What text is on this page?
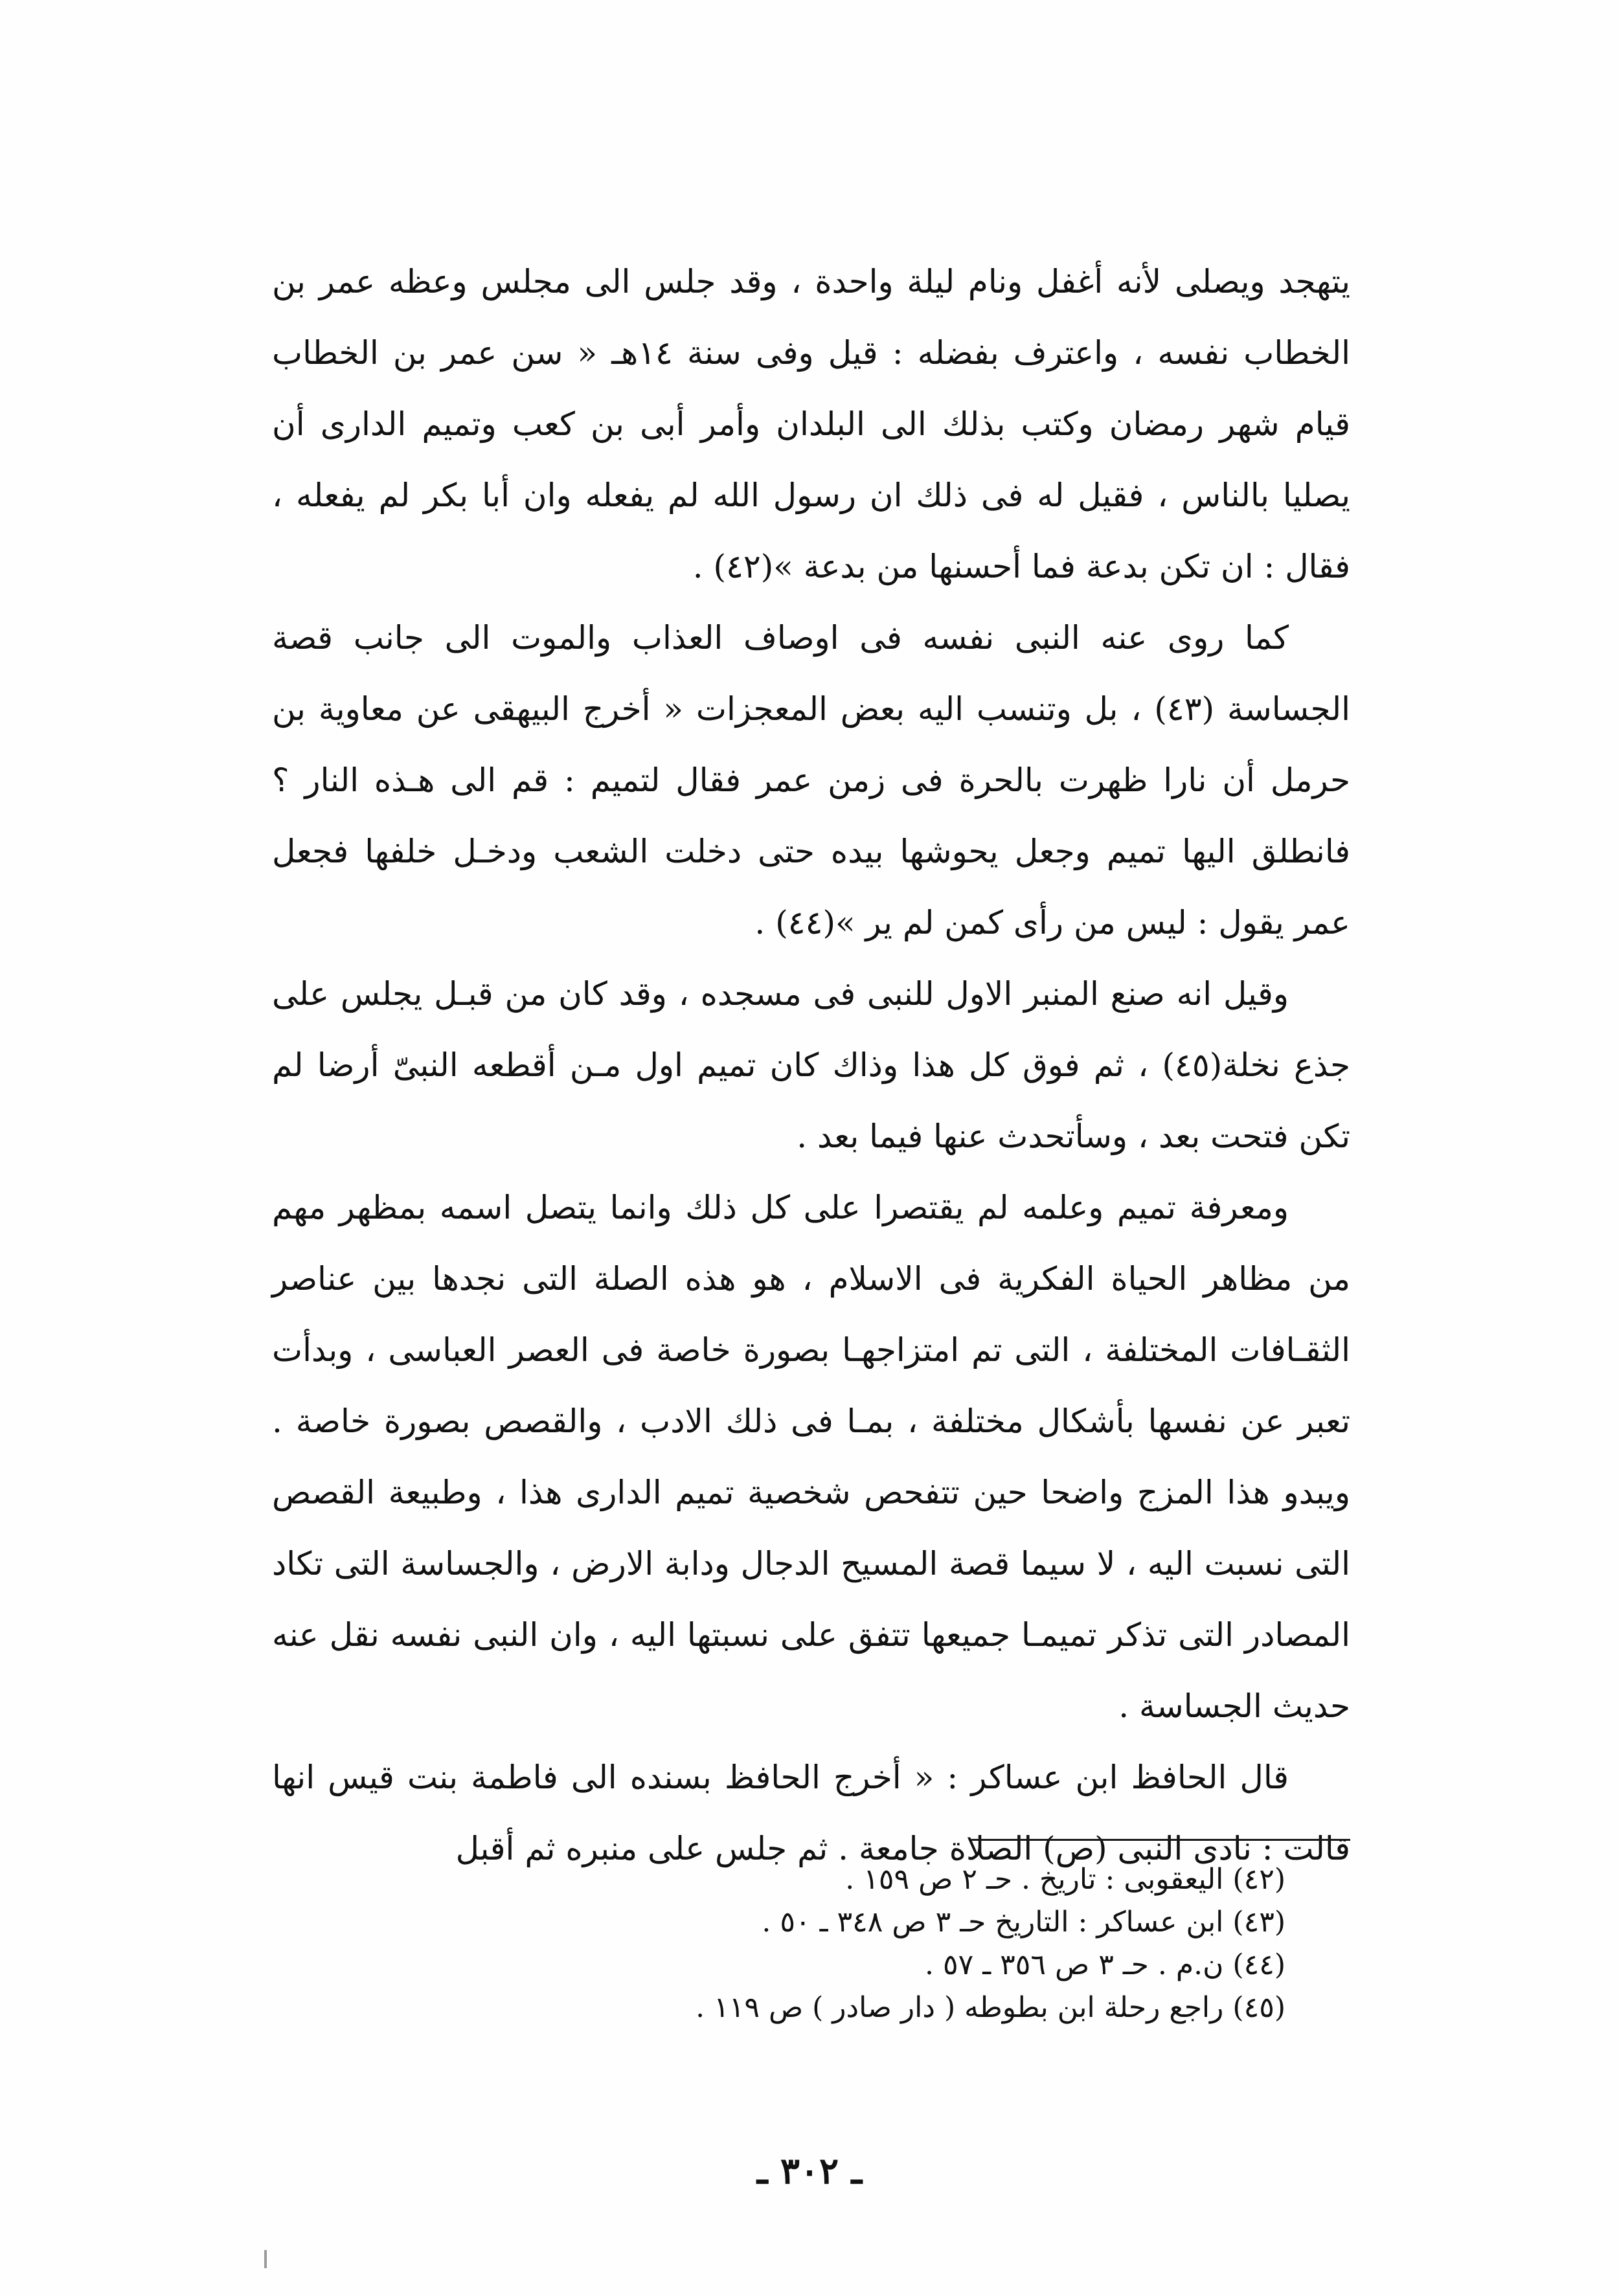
يتهجد ويصلى لأنه أغفل ونام ليلة واحدة ، وقد جلس الى مجلس وعظه عمر بن الخطاب نفسه ، واعترف بفضله : قيل وفى سنة ١٤هـ « سن عمر بن الخطاب قيام شهر رمضان وكتب بذلك الى البلدان وأمر أبى بن كعب وتميم الدارى أن يصليا بالناس ، فقيل له فى ذلك ان رسول الله لم يفعله وان أبا بكر لم يفعله ، فقال : ان تكن بدعة فما أحسنها من بدعة »(٤٢) .

كما روى عنه النبى نفسه فى اوصاف العذاب والموت الى جانب قصة الجساسة (٤٣) ، بل وتنسب اليه بعض المعجزات « أخرج البيهقى عن معاوية بن حرمل أن نارا ظهرت بالحرة فى زمن عمر فقال لتميم : قم الى هـذه النار ؟ فانطلق اليها تميم وجعل يحوشها بيده حتى دخلت الشعب ودخـل خلفها فجعل عمر يقول : ليس من رأى كمن لم ير »(٤٤) .

وقيل انه صنع المنبر الاول للنبى فى مسجده ، وقد كان من قبـل يجلس على جذع نخلة(٤٥) ، ثم فوق كل هذا وذاك كان تميم اول مـن أقطعه النبىّ أرضا لم تكن فتحت بعد ، وسأتحدث عنها فيما بعد .

ومعرفة تميم وعلمه لم يقتصرا على كل ذلك وانما يتصل اسمه بمظهر مهم من مظاهر الحياة الفكرية فى الاسلام ، هو هذه الصلة التى نجدها بين عناصر الثقـافات المختلفة ، التى تم امتزاجهـا بصورة خاصة فى العصر العباسى ، وبدأت تعبر عن نفسها بأشكال مختلفة ، بمـا فى ذلك الادب ، والقصص بصورة خاصة . ويبدو هذا المزج واضحا حين تتفحص شخصية تميم الدارى هذا ، وطبيعة القصص التى نسبت اليه ، لا سيما قصة المسيح الدجال ودابة الارض ، والجساسة التى تكاد المصادر التى تذكر تميمـا جميعها تتفق على نسبتها اليه ، وان النبى نفسه نقل عنه حديث الجساسة .

قال الحافظ ابن عساكر : « أخرج الحافظ بسنده الى فاطمة بنت قيس انها قالت : نادى النبى (ص) الصلاة جامعة . ثم جلس على منبره ثم أقبل

(٤٢) اليعقوبى : تاريخ . حـ ٢ ص ١٥٩ .

(٤٣) ابن عساكر : التاريخ حـ ٣ ص ٣٤٨ ـ ٥٠ .

(٤٤) ن.م . حـ ٣ ص ٣٥٦ ـ ٥٧ .

(٤٥) راجع رحلة ابن بطوطه ( دار صادر ) ص ١١٩ .

ـ ٣٠٢ ـ
